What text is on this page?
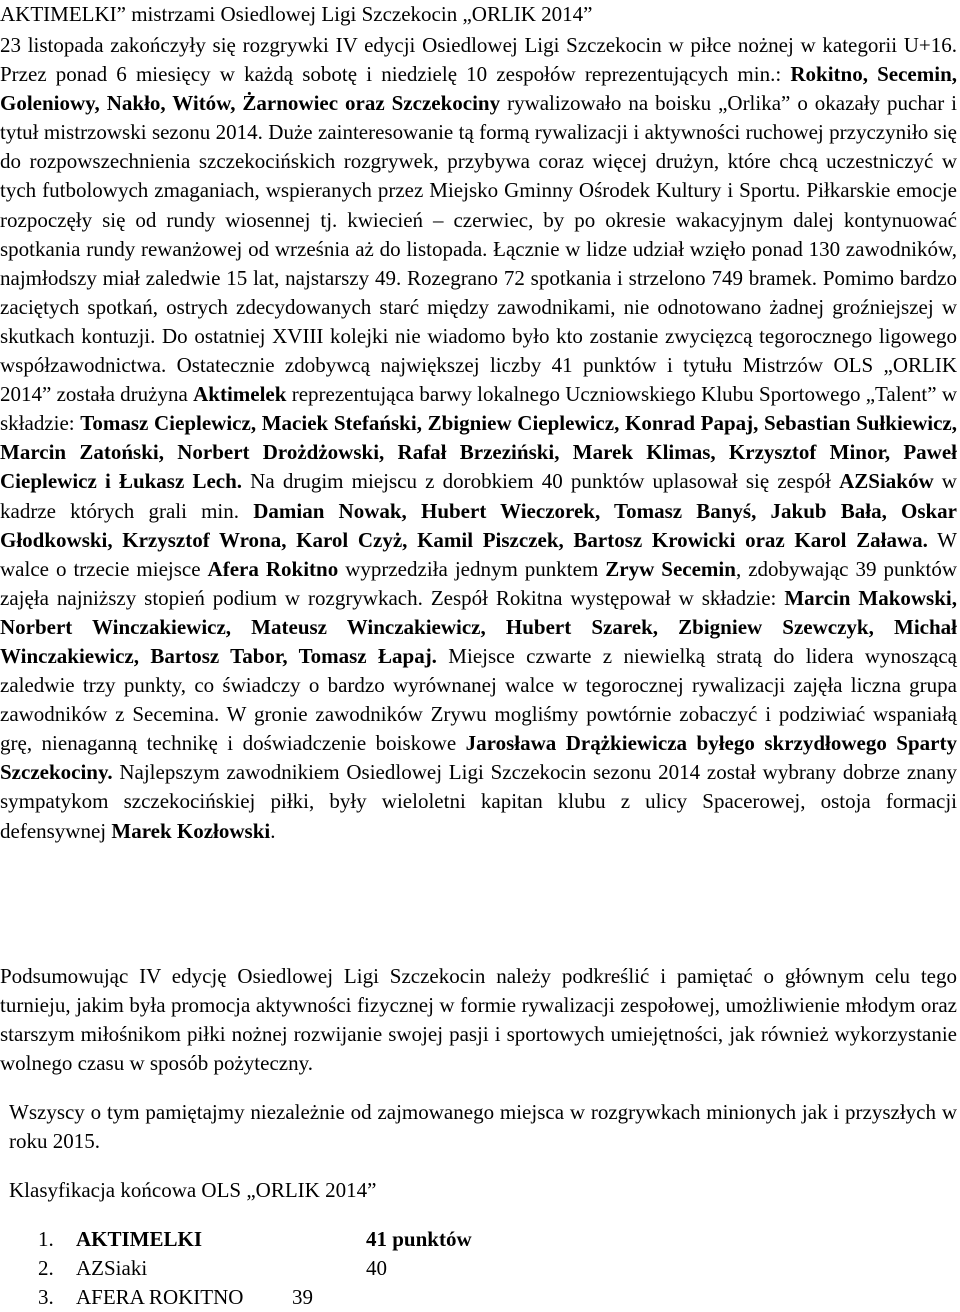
AKTIMELKI” mistrzami Osiedlowej Ligi Szczekocin „ORLIK 2014”
23 listopada zakończyły się rozgrywki IV edycji Osiedlowej Ligi Szczekocin w piłce nożnej w kategorii U+16. Przez ponad 6 miesięcy w każdą sobotę i niedzielę 10 zespołów reprezentujących min.: Rokitno, Secemin, Goleniowy, Nakło, Witów, Żarnowiec oraz Szczekociny rywalizowało na boisku „Orlika” o okazały puchar i tytuł mistrzowski sezonu 2014. Duże zainteresowanie tą formą rywalizacji i aktywności ruchowej przyczyniło się do rozpowszechnienia szczekocińskich rozgrywek, przybywa coraz więcej drużyn, które chcą uczestniczyć w tych futbolowych zmaganiach, wspieranych przez Miejsko Gminny Ośrodek Kultury i Sportu. Piłkarskie emocje rozpoczęły się od rundy wiosennej tj. kwiecień – czerwiec, by po okresie wakacyjnym dalej kontynuować spotkania rundy rewanżowej od września aż do listopada. Łącznie w lidze udział wzięło ponad 130 zawodników, najmłodszy miał zaledwie 15 lat, najstarszy 49. Rozegrano 72 spotkania i strzelono 749 bramek. Pomimo bardzo zaciętych spotkań, ostrych zdecydowanych starć między zawodnikami, nie odnotowano żadnej groźniejszej w skutkach kontuzji. Do ostatniej XVIII kolejki nie wiadomo było kto zostanie zwycięzcą tegorocznego ligowego współzawodnictwa. Ostatecznie zdobywcą największej liczby 41 punktów i tytułu Mistrzów OLS „ORLIK 2014” została drużyna Aktimelek reprezentująca barwy lokalnego Uczniowskiego Klubu Sportowego „Talent” w składzie: Tomasz Cieplewicz, Maciek Stefański, Zbigniew Cieplewicz, Konrad Papaj, Sebastian Sułkiewicz, Marcin Zatoński, Norbert Drożdżowski, Rafał Brzeziński, Marek Klimas, Krzysztof Minor, Paweł Cieplewicz i Łukasz Lech. Na drugim miejscu z dorobkiem 40 punktów uplasował się zespół AZSiaków w kadrze których grali min. Damian Nowak, Hubert Wieczorek, Tomasz Banyś, Jakub Bała, Oskar Głodkowski, Krzysztof Wrona, Karol Czyż, Kamil Piszczek, Bartosz Krowicki oraz Karol Zaława. W walce o trzecie miejsce Afera Rokitno wyprzedziła jednym punktem Zryw Secemin, zdobywając 39 punktów zajęła najniższy stopień podium w rozgrywkach. Zespół Rokitna występował w składzie: Marcin Makowski, Norbert Winczakiewicz, Mateusz Winczakiewicz, Hubert Szarek, Zbigniew Szewczyk, Michał Winczakiewicz, Bartosz Tabor, Tomasz Łapaj. Miejsce czwarte z niewielką stratą do lidera wynoszącą zaledwie trzy punkty, co świadczy o bardzo wyrównanej walce w tegorocznej rywalizacji zajęła liczna grupa zawodników z Secemina. W gronie zawodników Zrywu mogliśmy powtórnie zobaczyć i podziwiać wspaniałą grę, nienaganną technikę i doświadczenie boiskowe Jarosława Drążkiewicza byłego skrzydłowego Sparty Szczekociny. Najlepszym zawodnikiem Osiedlowej Ligi Szczekocin sezonu 2014 został wybrany dobrze znany sympatykom szczekocińskiej piłki, były wieloletni kapitan klubu z ulicy Spacerowej, ostoja formacji defensywnej Marek Kozłowski.
Podsumowując IV edycję Osiedlowej Ligi Szczekocin należy podkreślić i pamiętać o głównym celu tego turnieju, jakim była promocja aktywności fizycznej w formie rywalizacji zespołowej, umożliwienie młodym oraz starszym miłośnikom piłki nożnej rozwijanie swojej pasji i sportowych umiejętności, jak również wykorzystanie wolnego czasu w sposób pożyteczny.
Wszyscy o tym pamiętajmy niezależnie od zajmowanego miejsca w rozgrywkach minionych jak i przyszłych w roku 2015.
Klasyfikacja końcowa OLS „ORLIK 2014”
1.	AKTIMELKI	41 punktów
2.	AZSiaki	40
3.	AFERA ROKITNO 39
